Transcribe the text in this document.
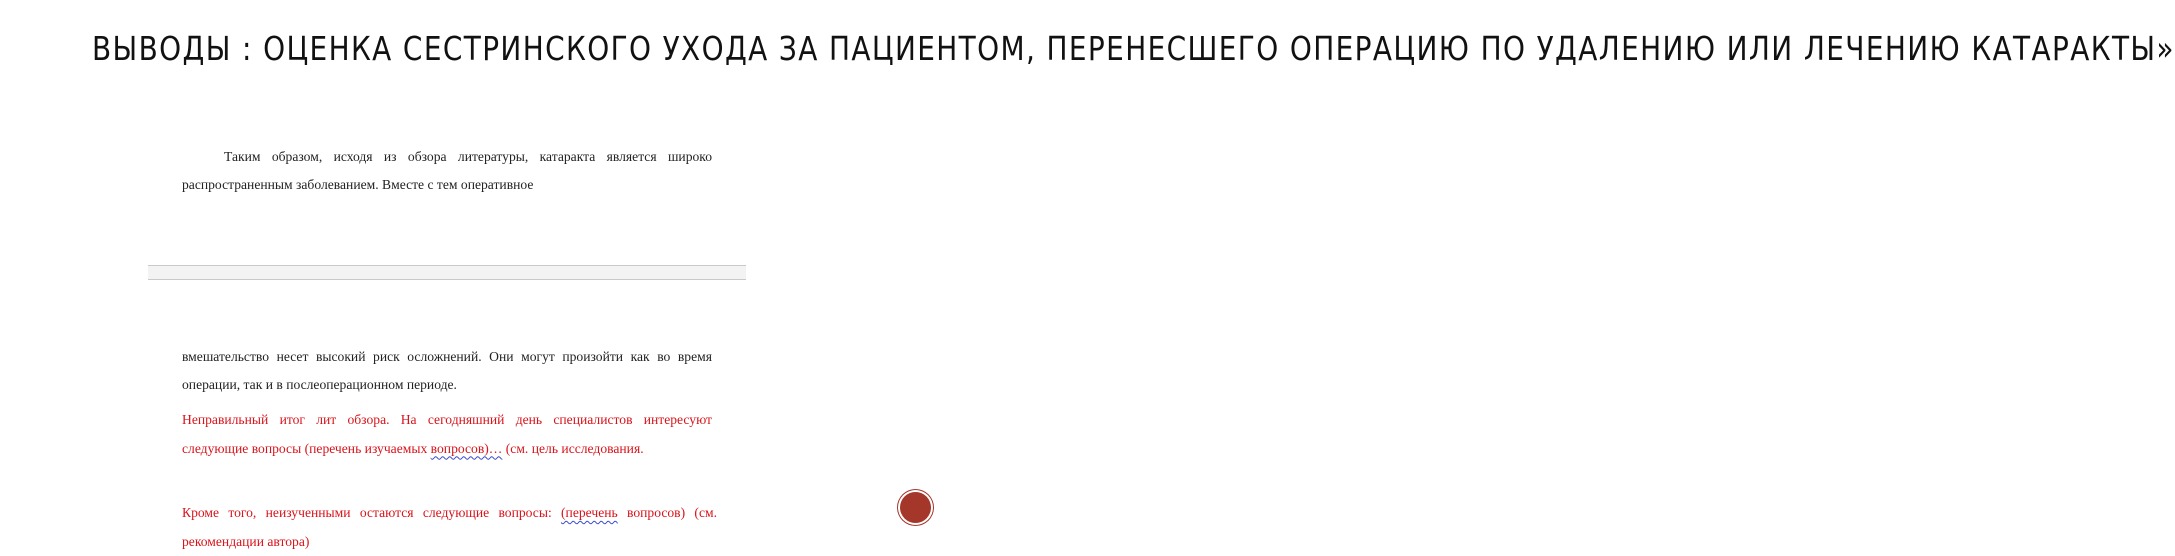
ВЫВОДЫ : ОЦЕНКА СЕСТРИНСКОГО УХОДА ЗА ПАЦИЕНТОМ, ПЕРЕНЕСШЕГО ОПЕРАЦИЮ ПО УДАЛЕНИЮ ИЛИ ЛЕЧЕНИЮ КАТАРАКТЫ»

Таким образом, исходя из обзора литературы, катаракта является широко распространенным заболеванием. Вместе с тем оперативное

вмешательство несет высокий риск осложнений. Они могут произойти как во время операции, так и в послеоперационном периоде.

Неправильный итог лит обзора. На сегодняшний день специалистов интересуют следующие вопросы (перечень изучаемых вопросов)… (см. цель исследования.

Кроме того, неизученными остаются следующие вопросы: (перечень вопросов) (см. рекомендации автора)
